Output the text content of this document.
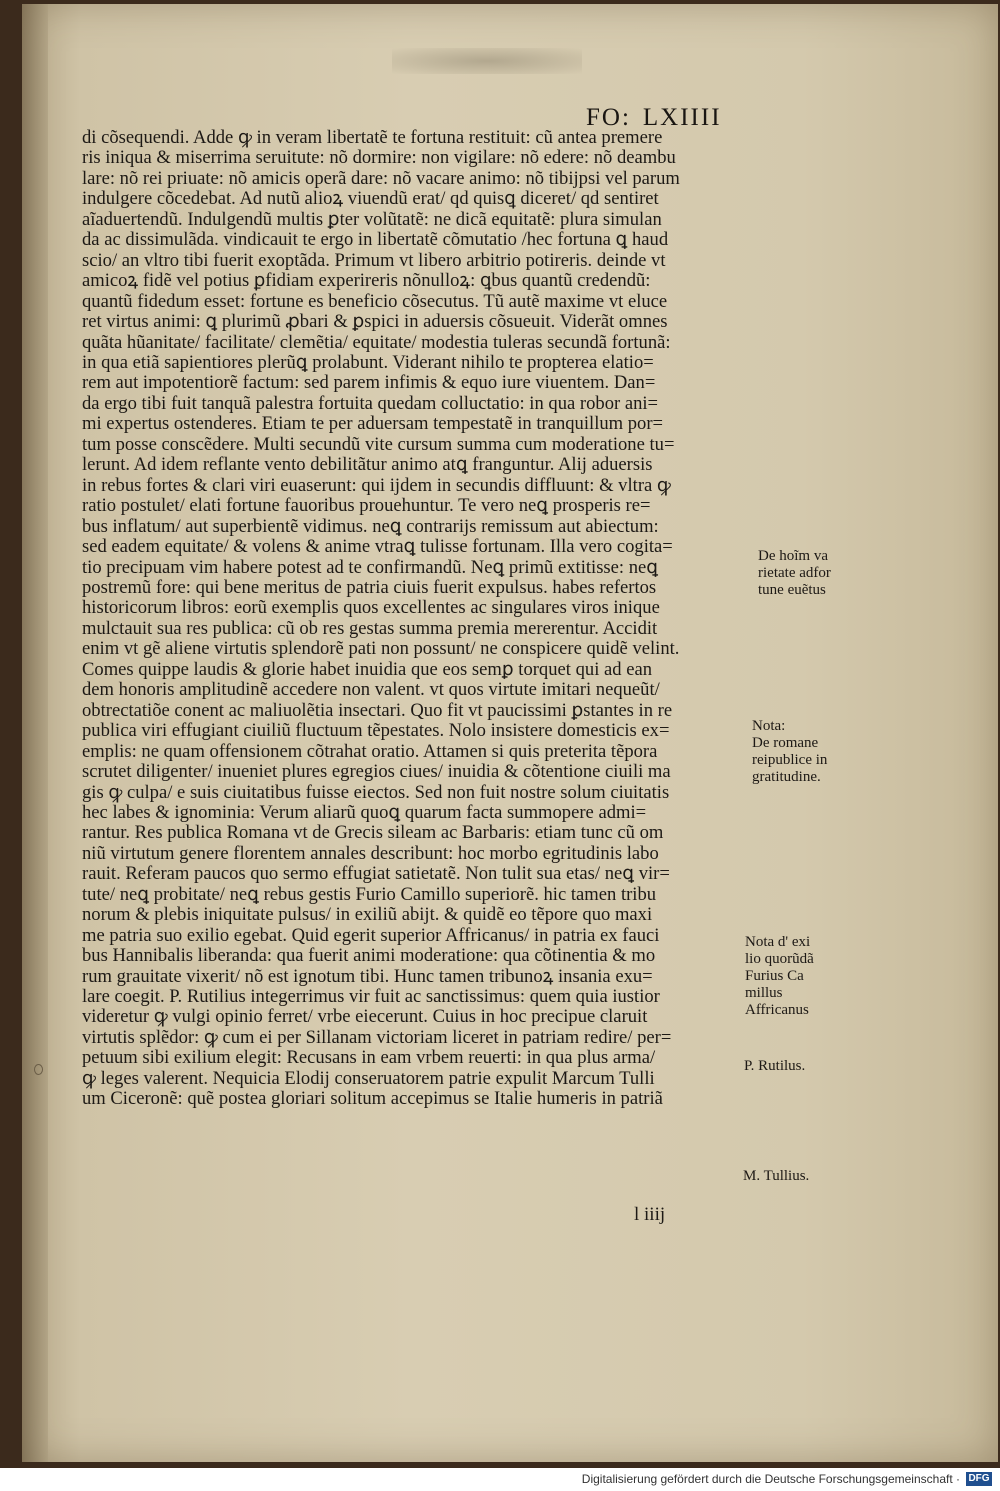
FO: LXIIII
di cõsequendi. Adde ꝙ in veram libertatẽ te fortuna restituit: cũ antea premere
ris iniqua & miserrima seruitute: nõ dormire: non vigilare: nõ edere: nõ deambu
lare: nõ rei priuate: nõ amicis operã dare: nõ vacare animo: nõ tibijpsi vel parum
indulgere cõcedebat. Ad nutũ alioꝝ viuendũ erat/ qd quisꝗ diceret/ qd sentiret
aĩaduertendũ. Indulgendũ multis ꝑter volũtatẽ: ne dicã equitatẽ: plura simulan
da ac dissimulãda. vindicauit te ergo in libertatẽ cõmutatio /hec fortuna ꝗ haud
scio/ an vltro tibi fuerit exoptãda. Primum vt libero arbitrio potireris. deinde vt
amicoꝝ fidẽ vel potius ꝑfidiam experireris nõnulloꝝ: ꝗbus quantũ credendũ:
quantũ fidedum esset: fortune es beneficio cõsecutus. Tũ autẽ maxime vt eluce
ret virtus animi: ꝗ plurimũ ꝓbari & ꝑspici in aduersis cõsueuit. Viderãt omnes
quãta hũanitate/ facilitate/ clemẽtia/ equitate/ modestia tuleras secundã fortunã:
in qua etiã sapientiores plerũꝗ prolabunt. Viderant nihilo te propterea elatio=
rem aut impotentiorẽ factum: sed parem infimis & equo iure viuentem. Dan=
da ergo tibi fuit tanquã palestra fortuita quedam colluctatio: in qua robor ani=
mi expertus ostenderes. Etiam te per aduersam tempestatẽ in tranquillum por=
tum posse conscẽdere. Multi secundũ vite cursum summa cum moderatione tu=
lerunt. Ad idem reflante vento debilitãtur animo atꝗ franguntur. Alij aduersis
in rebus fortes & clari viri euaserunt: qui ijdem in secundis diffluunt: & vltra ꝙ
ratio postulet/ elati fortune fauoribus prouehuntur. Te vero neꝗ prosperis re=
bus inflatum/ aut superbientẽ vidimus. neꝗ contrarijs remissum aut abiectum:
sed eadem equitate/ & volens & anime vtraꝗ tulisse fortunam. Illa vero cogita=
tio precipuam vim habere potest ad te confirmandũ. Neꝗ primũ extitisse: neꝗ
postremũ fore: qui bene meritus de patria ciuis fuerit expulsus. habes refertos
historicorum libros: eorũ exemplis quos excellentes ac singulares viros inique
mulctauit sua res publica: cũ ob res gestas summa premia mererentur. Accidit
enim vt gẽ aliene virtutis splendorẽ pati non possunt/ ne conspicere quidẽ velint.
Comes quippe laudis & glorie habet inuidia que eos semꝑ torquet qui ad ean
dem honoris amplitudinẽ accedere non valent. vt quos virtute imitari nequeũt/
obtrectatiõe conent ac maliuolẽtia insectari. Quo fit vt paucissimi ꝑstantes in re
publica viri effugiant ciuiliũ fluctuum tẽpestates. Nolo insistere domesticis ex=
emplis: ne quam offensionem cõtrahat oratio. Attamen si quis preterita tẽpora
scrutet diligenter/ inueniet plures egregios ciues/ inuidia & cõtentione ciuili ma
gis ꝙ culpa/ e suis ciuitatibus fuisse eiectos. Sed non fuit nostre solum ciuitatis
hec labes & ignominia: Verum aliarũ quoꝗ quarum facta summopere admi=
rantur. Res publica Romana vt de Grecis sileam ac Barbaris: etiam tunc cũ om
niũ virtutum genere florentem annales describunt: hoc morbo egritudinis labo
rauit. Referam paucos quo sermo effugiat satietatẽ. Non tulit sua etas/ neꝗ vir=
tute/ neꝗ probitate/ neꝗ rebus gestis Furio Camillo superiorẽ. hic tamen tribu
norum & plebis iniquitate pulsus/ in exiliũ abijt. & quidẽ eo tẽpore quo maxi
me patria suo exilio egebat. Quid egerit superior Affricanus/ in patria ex fauci
bus Hannibalis liberanda: qua fuerit animi moderatione: qua cõtinentia & mo
rum grauitate vixerit/ nõ est ignotum tibi. Hunc tamen tribunoꝝ insania exu=
lare coegit. P. Rutilius integerrimus vir fuit ac sanctissimus: quem quia iustior
videretur ꝙ vulgi opinio ferret/ vrbe eiecerunt. Cuius in hoc precipue claruit
virtutis splẽdor: ꝙ cum ei per Sillanam victoriam liceret in patriam redire/ per=
petuum sibi exilium elegit: Recusans in eam vrbem reuerti: in qua plus arma/
ꝙ leges valerent. Nequicia Elodij conseruatorem patrie expulit Marcum Tulli
um Ciceronẽ: quẽ postea gloriari solitum accepimus se Italie humeris in patriã
De hoĩm va
rietate adfor
tune euẽtus
Nota:
De romane
reipublice in
gratitudine.
Nota d' exi
lio quorũdã
Furius Ca
millus
Affricanus
P. Rutilus.
M. Tullius.
l iiij
Digitalisierung gefördert durch die Deutsche Forschungsgemeinschaft · DFG
